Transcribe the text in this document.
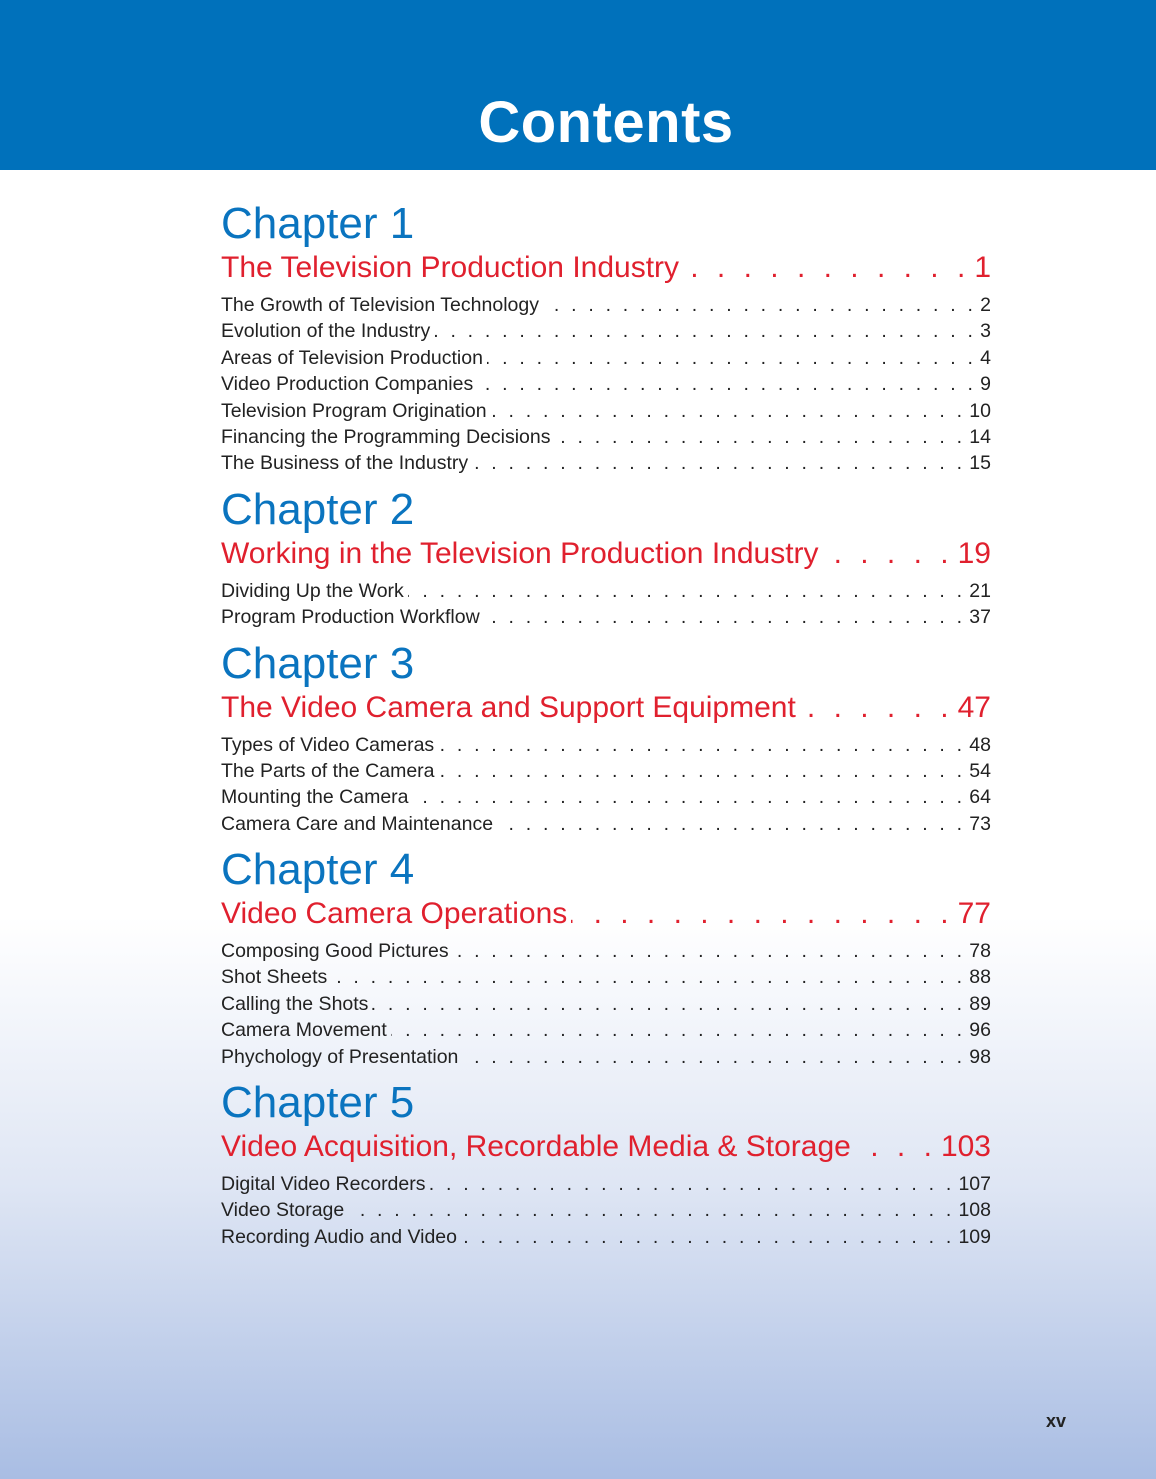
Contents
Chapter 1
The Television Production Industry . . .	1
The Growth of Television Technology . . .	2
Evolution of the Industry . . .	3
Areas of Television Production . . .	4
Video Production Companies . . .	9
Television Program Origination . . .	10
Financing the Programming Decisions . . .	14
The Business of the Industry . . .	15
Chapter 2
Working in the Television Production Industry . . .	19
Dividing Up the Work . . .	21
Program Production Workflow . . .	37
Chapter 3
The Video Camera and Support Equipment . . .	47
Types of Video Cameras . . .	48
The Parts of the Camera . . .	54
Mounting the Camera . . .	64
Camera Care and Maintenance . . .	73
Chapter 4
Video Camera Operations . . .	77
Composing Good Pictures . . .	78
Shot Sheets . . .	88
Calling the Shots . . .	89
Camera Movement . . .	96
Phychology of Presentation . . .	98
Chapter 5
Video Acquisition, Recordable Media & Storage . . .	103
Digital Video Recorders . . .	107
Video Storage . . .	108
Recording Audio and Video . . .	109
xv
